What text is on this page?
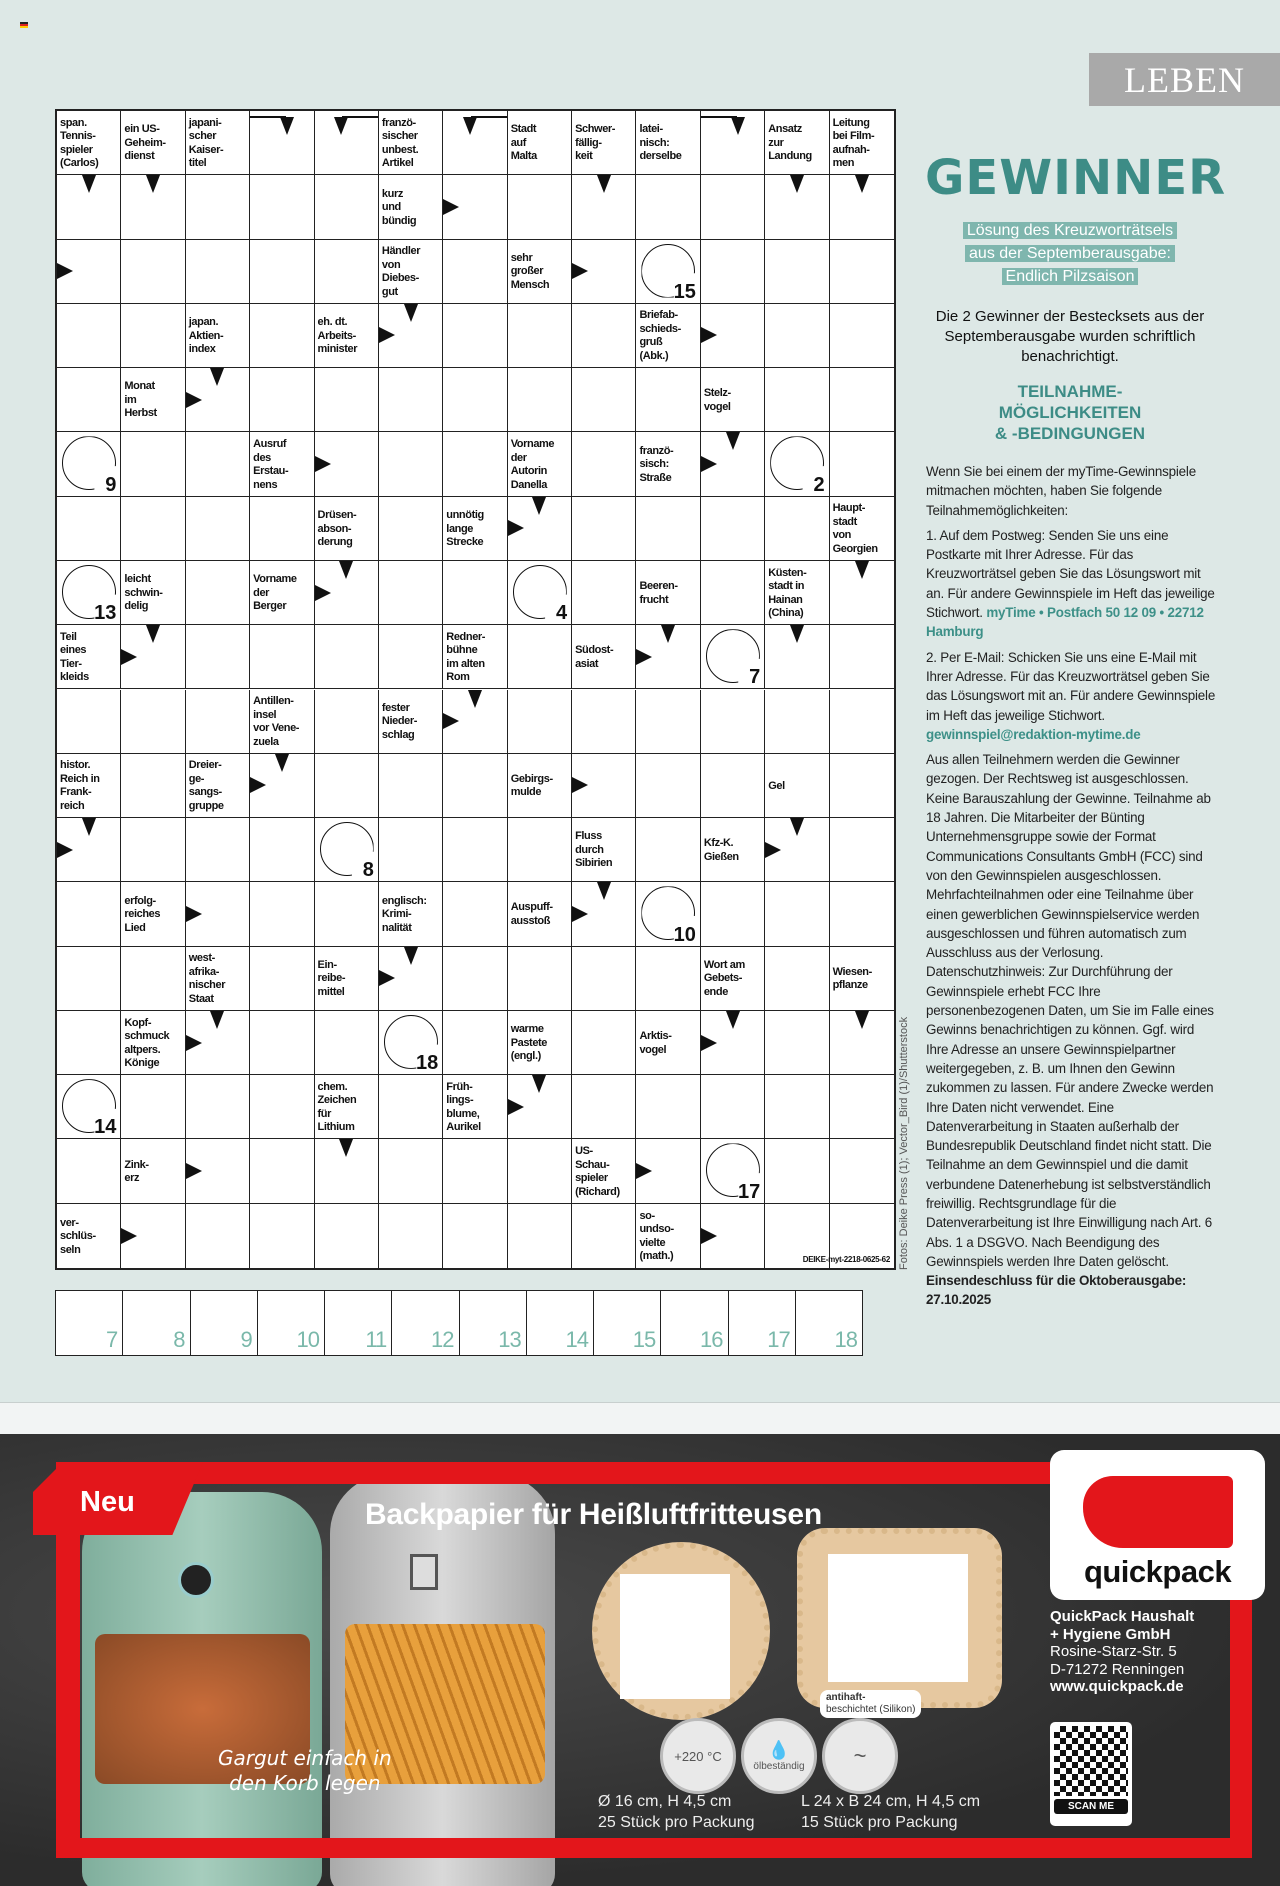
LEBEN
span.
Tennis-
spieler
(Carlos)
ein US-
Geheim-
dienst
japani-
scher
Kaiser-
titel
franzö-
sischer
unbest.
Artikel
Stadt
auf
Malta
Schwer-
fällig-
keit
latei-
nisch:
derselbe
Ansatz
zur
Landung
Leitung
bei Film-
aufnah-
men
kurz
und
bündig
Händler
von
Diebes-
gut
sehr
großer
Mensch	15
japan.
Aktien-
index
eh. dt.
Arbeits-
minister
Briefab-
schieds-
gruß
(Abk.)
Monat
im
Herbst
Stelz-
vogel
9
Ausruf
des
Erstau-
nens
Vorname
der
Autorin
Danella
franzö-
sisch:
Straße	2
Drüsen-
abson-
derung
unnötig
lange
Strecke
Haupt-
stadt
von
Georgien
13
leicht
schwin-
delig
Vorname
der
Berger	4
Beeren-
frucht
Küsten-
stadt in
Hainan
(China)
Teil
eines
Tier-
kleids
Redner-
bühne
im alten
Rom
Südost-
asiat
7
Antillen-
insel
vor Vene-
zuela
fester
Nieder-
schlag
histor.
Reich in
Frank-
reich
Dreier-
ge-
sangs-
gruppe
Gebirgs-
mulde
Gel
8
Fluss
durch
Sibirien
Kfz-K.
Gießen
erfolg-
reiches
Lied
englisch:
Krimi-
nalität
Auspuff-
ausstoß
10
west-
afrika-
nischer
Staat
Ein-
reibe-
mittel
Wort am
Gebets-
ende
Wiesen-
pflanze
Kopf-
schmuck
altpers.
Könige	18
warme
Pastete
(engl.)
Arktis-
vogel
14
chem.
Zeichen
für
Lithium
Früh-
lings-
blume,
Aurikel
Zink-
erz
US-
Schau-
spieler
(Richard)	17
ver-
schlüs-
seln
so-
undso-
vielte
(math.)	DEIKE-myt-2218-0625-62
7	8	9 10 11 12 13 14 15 16 17 18
Fotos: Deike Press (1); Vector_Bird (1)/Shutterstock
GEWINNER
Lösung des Kreuzworträtsels
aus der Septemberausgabe:
Endlich Pilzsaison
Die 2 Gewinner der Bestecksets aus der Septemberausgabe wurden schriftlich benachrichtigt.
TEILNAHME-
MÖGLICHKEITEN
& -BEDINGUNGEN

Wenn Sie bei einem der myTime-Gewinnspiele mitmachen möchten, haben Sie folgende Teilnahmemöglichkeiten:

1. Auf dem Postweg: Senden Sie uns eine Postkarte mit Ihrer Adresse. Für das Kreuzworträtsel geben Sie das Lösungswort mit an. Für andere Gewinnspiele im Heft das jeweilige Stichwort. myTime • Postfach 50 12 09 • 22712 Hamburg

2. Per E-Mail: Schicken Sie uns eine E-Mail mit Ihrer Adresse. Für das Kreuzworträtsel geben Sie das Lösungswort mit an. Für andere Gewinnspiele im Heft das jeweilige Stichwort.
gewinnspiel@redaktion-mytime.de

Aus allen Teilnehmern werden die Gewinner gezogen. Der Rechtsweg ist ausgeschlossen. Keine Barauszahlung der Gewinne. Teilnahme ab 18 Jahren. Die Mitarbeiter der Bünting Unternehmensgruppe sowie der Format Communications Consultants GmbH (FCC) sind von den Gewinnspielen ausgeschlossen. Mehrfachteilnahmen oder eine Teilnahme über einen gewerblichen Gewinnspielservice werden ausgeschlossen und führen automatisch zum Ausschluss aus der Verlosung. Datenschutzhinweis: Zur Durchführung der Gewinnspiele erhebt FCC Ihre personenbezogenen Daten, um Sie im Falle eines Gewinns benachrichtigen zu können. Ggf. wird Ihre Adresse an unsere Gewinnspielpartner weitergegeben, z. B. um Ihnen den Gewinn zukommen zu lassen. Für andere Zwecke werden Ihre Daten nicht verwendet. Eine Datenverarbeitung in Staaten außerhalb der Bundesrepublik Deutschland findet nicht statt. Die Teilnahme an dem Gewinnspiel und die damit verbundene Datenerhebung ist selbstverständlich freiwillig. Rechtsgrundlage für die Datenverarbeitung ist Ihre Einwilligung nach Art. 6 Abs. 1 a DSGVO. Nach Beendigung des Gewinnspiels werden Ihre Daten gelöscht. Einsendeschluss für die Oktoberausgabe: 27.10.2025

Gargut einfach in
den Korb legen
Neu	Backpapier für Heißluftfritteusen
+220 °C	💧
ölbeständig ~
antihaft-
beschichtet (Silikon)
Ø 16 cm, H 4,5 cm
25 Stück pro Packung
L 24 x B 24 cm, H 4,5 cm
15 Stück pro Packung
quickpack
QuickPack Haushalt
+ Hygiene GmbH
Rosine-Starz-Str. 5
D-71272 Renningen
www.quickpack.de
SCAN ME
